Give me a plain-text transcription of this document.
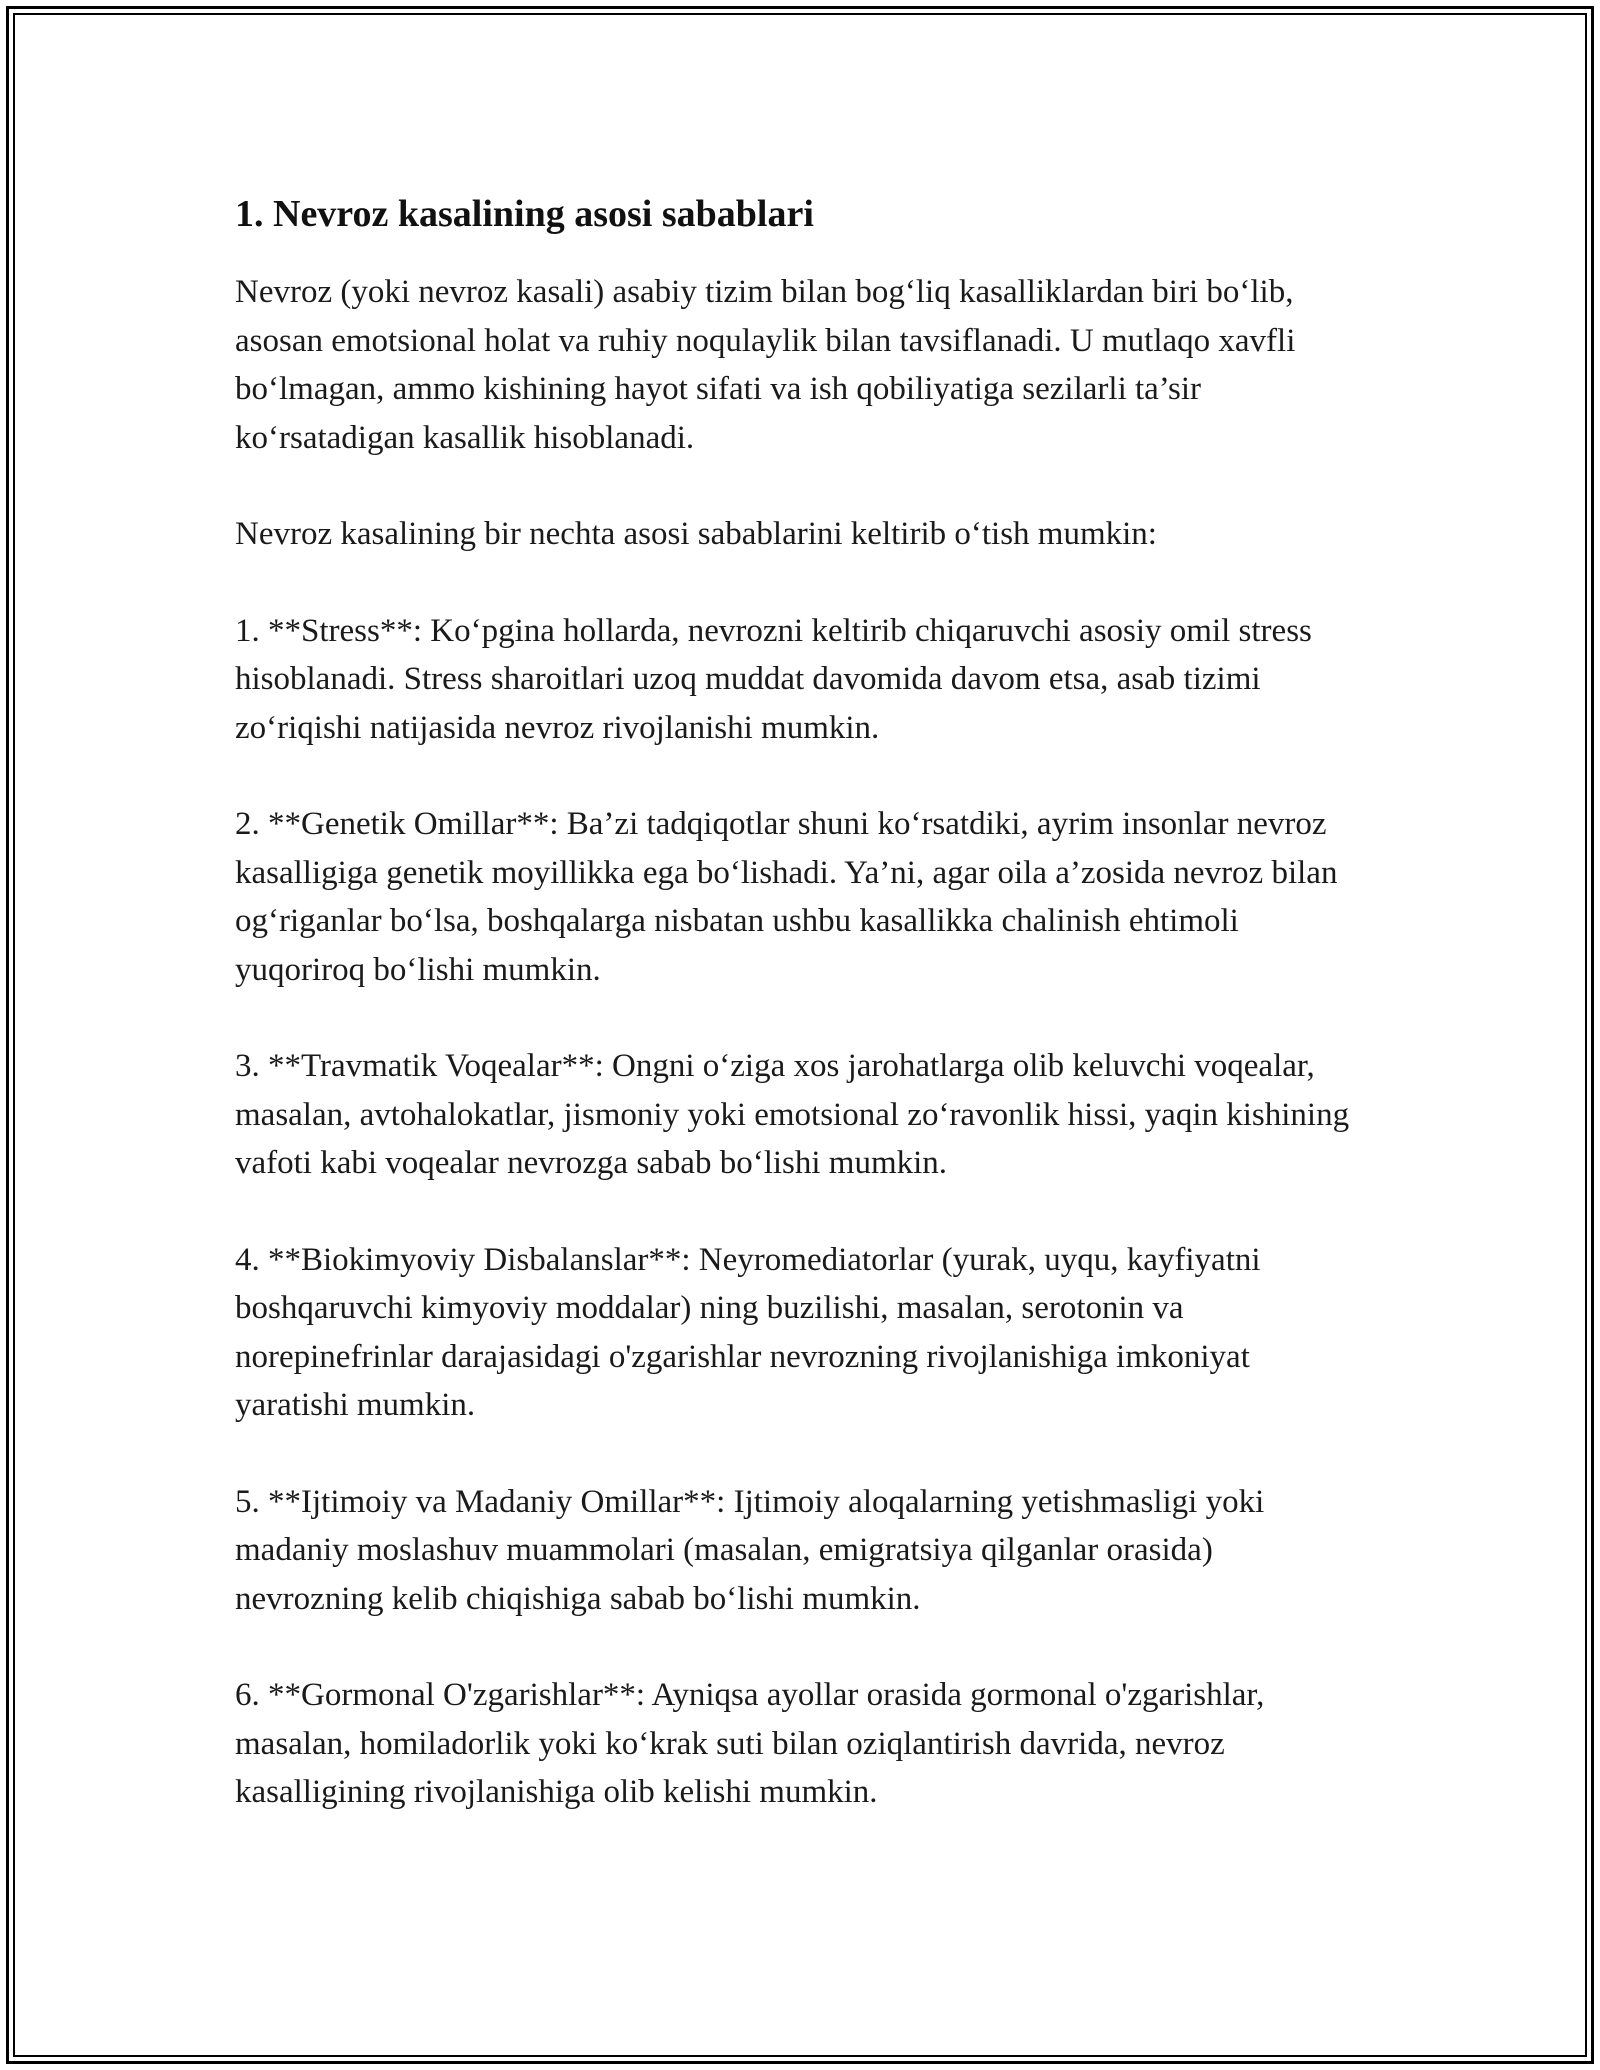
1. Nevroz kasalining asosi sabablari

Nevroz (yoki nevroz kasali) asabiy tizim bilan bog‘liq kasalliklardan biri bo‘lib, asosan emotsional holat va ruhiy noqulaylik bilan tavsiflanadi. U mutlaqo xavfli bo‘lmagan, ammo kishining hayot sifati va ish qobiliyatiga sezilarli ta’sir ko‘rsatadigan kasallik hisoblanadi.

Nevroz kasalining bir nechta asosi sabablarini keltirib o‘tish mumkin:

1. **Stress**: Ko‘pgina hollarda, nevrozni keltirib chiqaruvchi asosiy omil stress hisoblanadi. Stress sharoitlari uzoq muddat davomida davom etsa, asab tizimi zo‘riqishi natijasida nevroz rivojlanishi mumkin.

2. **Genetik Omillar**: Ba’zi tadqiqotlar shuni ko‘rsatdiki, ayrim insonlar nevroz kasalligiga genetik moyillikka ega bo‘lishadi. Ya’ni, agar oila a’zosida nevroz bilan og‘riganlar bo‘lsa, boshqalarga nisbatan ushbu kasallikka chalinish ehtimoli yuqoriroq bo‘lishi mumkin.

3. **Travmatik Voqealar**: Ongni o‘ziga xos jarohatlarga olib keluvchi voqealar, masalan, avtohalokatlar, jismoniy yoki emotsional zo‘ravonlik hissi, yaqin kishining vafoti kabi voqealar nevrozga sabab bo‘lishi mumkin.

4. **Biokimyoviy Disbalanslar**: Neyromediatorlar (yurak, uyqu, kayfiyatni boshqaruvchi kimyoviy moddalar) ning buzilishi, masalan, serotonin va norepinefrinlar darajasidagi o'zgarishlar nevrozning rivojlanishiga imkoniyat yaratishi mumkin.

5. **Ijtimoiy va Madaniy Omillar**: Ijtimoiy aloqalarning yetishmasligi yoki madaniy moslashuv muammolari (masalan, emigratsiya qilganlar orasida) nevrozning kelib chiqishiga sabab bo‘lishi mumkin.

6. **Gormonal O'zgarishlar**: Ayniqsa ayollar orasida gormonal o'zgarishlar, masalan, homiladorlik yoki ko‘krak suti bilan oziqlantirish davrida, nevroz kasalligining rivojlanishiga olib kelishi mumkin.
